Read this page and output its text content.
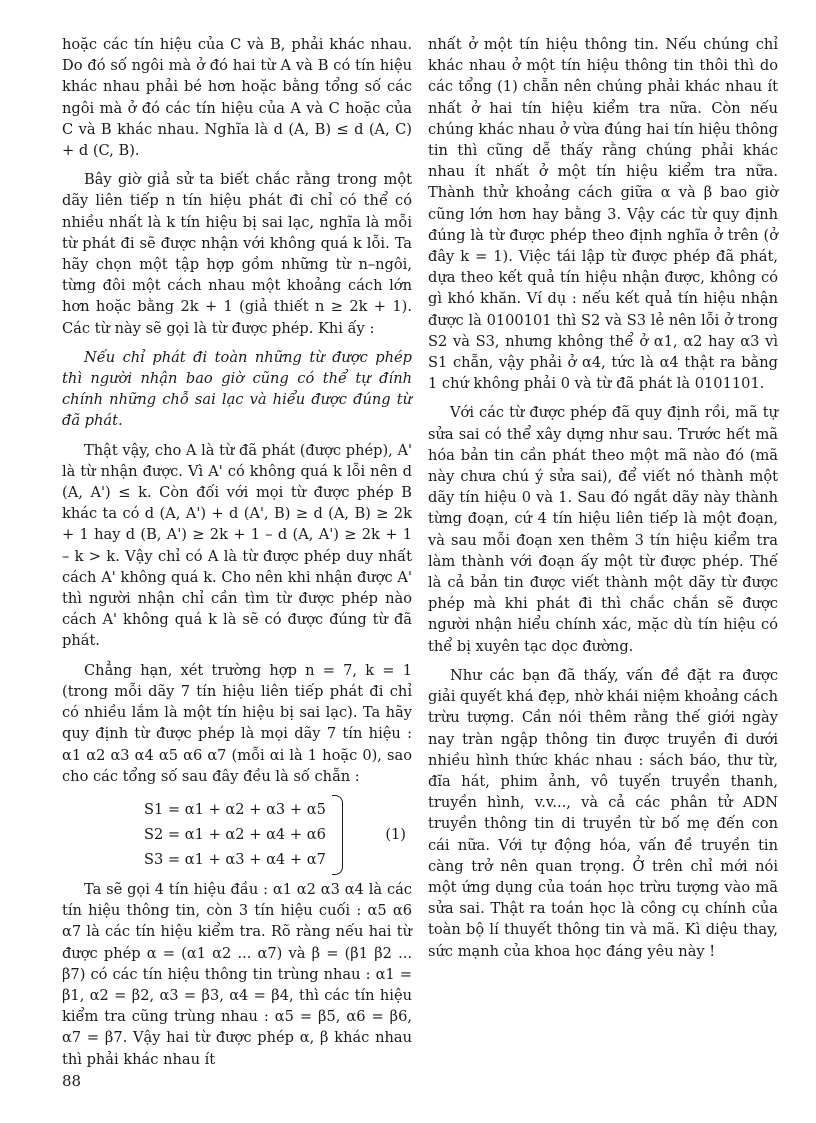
hoặc các tín hiệu của C và B, phải khác nhau. Do đó số ngôi mà ở đó hai từ A và B có tín hiệu khác nhau phải bé hơn hoặc bằng tổng số các ngôi mà ở đó các tín hiệu của A và C hoặc của C và B khác nhau. Nghĩa là d (A, B) ≤ d (A, C) + d (C, B).

Bây giờ giả sử ta biết chắc rằng trong một dãy liên tiếp n tín hiệu phát đi chỉ có thể có nhiều nhất là k tín hiệu bị sai lạc, nghĩa là mỗi từ phát đi sẽ được nhận với không quá k lỗi. Ta hãy chọn một tập hợp gồm những từ n–ngôi, từng đôi một cách nhau một khoảng cách lớn hơn hoặc bằng 2k + 1 (giả thiết n ≥ 2k + 1). Các từ này sẽ gọi là từ được phép. Khi ấy :

Nếu chỉ phát đi toàn những từ được phép thì người nhận bao giờ cũng có thể tự đính chính những chỗ sai lạc và hiểu được đúng từ đã phát.

Thật vậy, cho A là từ đã phát (được phép), A' là từ nhận được. Vì A' có không quá k lỗi nên d (A, A') ≤ k. Còn đối với mọi từ được phép B khác ta có d (A, A') + d (A', B) ≥ d (A, B) ≥ 2k + 1 hay d (B, A') ≥ 2k + 1 – d (A, A') ≥ 2k + 1 – k > k. Vậy chỉ có A là từ được phép duy nhất cách A' không quá k. Cho nên khi nhận được A' thì người nhận chỉ cần tìm từ được phép nào cách A' không quá k là sẽ có được đúng từ đã phát.

Chẳng hạn, xét trường hợp n = 7, k = 1 (trong mỗi dãy 7 tín hiệu liên tiếp phát đi chỉ có nhiều lắm là một tín hiệu bị sai lạc). Ta hãy quy định từ được phép là mọi dãy 7 tín hiệu : α1 α2 α3 α4 α5 α6 α7 (mỗi αi là 1 hoặc 0), sao cho các tổng số sau đây đều là số chẵn :

S1 = α1 + α2 + α3 + α5
S2 = α1 + α2 + α4 + α6
S3 = α1 + α3 + α4 + α7
(1)

Ta sẽ gọi 4 tín hiệu đầu : α1 α2 α3 α4 là các tín hiệu thông tin, còn 3 tín hiệu cuối : α5 α6 α7 là các tín hiệu kiểm tra. Rõ ràng nếu hai từ được phép α = (α1 α2 ... α7) và β = (β1 β2 ... β7) có các tín hiệu thông tin trùng nhau : α1 = β1, α2 = β2, α3 = β3, α4 = β4, thì các tín hiệu kiểm tra cũng trùng nhau : α5 = β5, α6 = β6, α7 = β7. Vậy hai từ được phép α, β khác nhau thì phải khác nhau ít

nhất ở một tín hiệu thông tin. Nếu chúng chỉ khác nhau ở một tín hiệu thông tin thôi thì do các tổng (1) chẵn nên chúng phải khác nhau ít nhất ở hai tín hiệu kiểm tra nữa. Còn nếu chúng khác nhau ở vừa đúng hai tín hiệu thông tin thì cũng dễ thấy rằng chúng phải khác nhau ít nhất ở một tín hiệu kiểm tra nữa. Thành thử khoảng cách giữa α và β bao giờ cũng lớn hơn hay bằng 3. Vậy các từ quy định đúng là từ được phép theo định nghĩa ở trên (ở đây k = 1). Việc tái lập từ được phép đã phát, dựa theo kết quả tín hiệu nhận được, không có gì khó khăn. Ví dụ : nếu kết quả tín hiệu nhận được là 0100101 thì S2 và S3 lẻ nên lỗi ở trong S2 và S3, nhưng không thể ở α1, α2 hay α3 vì S1 chẵn, vậy phải ở α4, tức là α4 thật ra bằng 1 chứ không phải 0 và từ đã phát là 0101101.

Với các từ được phép đã quy định rồi, mã tự sửa sai có thể xây dựng như sau. Trước hết mã hóa bản tin cần phát theo một mã nào đó (mã này chưa chú ý sửa sai), để viết nó thành một dãy tín hiệu 0 và 1. Sau đó ngắt dãy này thành từng đoạn, cứ 4 tín hiệu liên tiếp là một đoạn, và sau mỗi đoạn xen thêm 3 tín hiệu kiểm tra làm thành với đoạn ấy một từ được phép. Thế là cả bản tin được viết thành một dãy từ được phép mà khi phát đi thì chắc chắn sẽ được người nhận hiểu chính xác, mặc dù tín hiệu có thể bị xuyên tạc dọc đường.

Như các bạn đã thấy, vấn đề đặt ra được giải quyết khá đẹp, nhờ khái niệm khoảng cách trừu tượng. Cần nói thêm rằng thế giới ngày nay tràn ngập thông tin được truyền đi dưới nhiều hình thức khác nhau : sách báo, thư từ, đĩa hát, phim ảnh, vô tuyến truyền thanh, truyền hình, v.v..., và cả các phân tử ADN truyền thông tin di truyền từ bố mẹ đến con cái nữa. Với tự động hóa, vấn đề truyền tin càng trở nên quan trọng. Ở trên chỉ mới nói một ứng dụng của toán học trừu tượng vào mã sửa sai. Thật ra toán học là công cụ chính của toàn bộ lí thuyết thông tin và mã. Kì diệu thay, sức mạnh của khoa học đáng yêu này !

88
